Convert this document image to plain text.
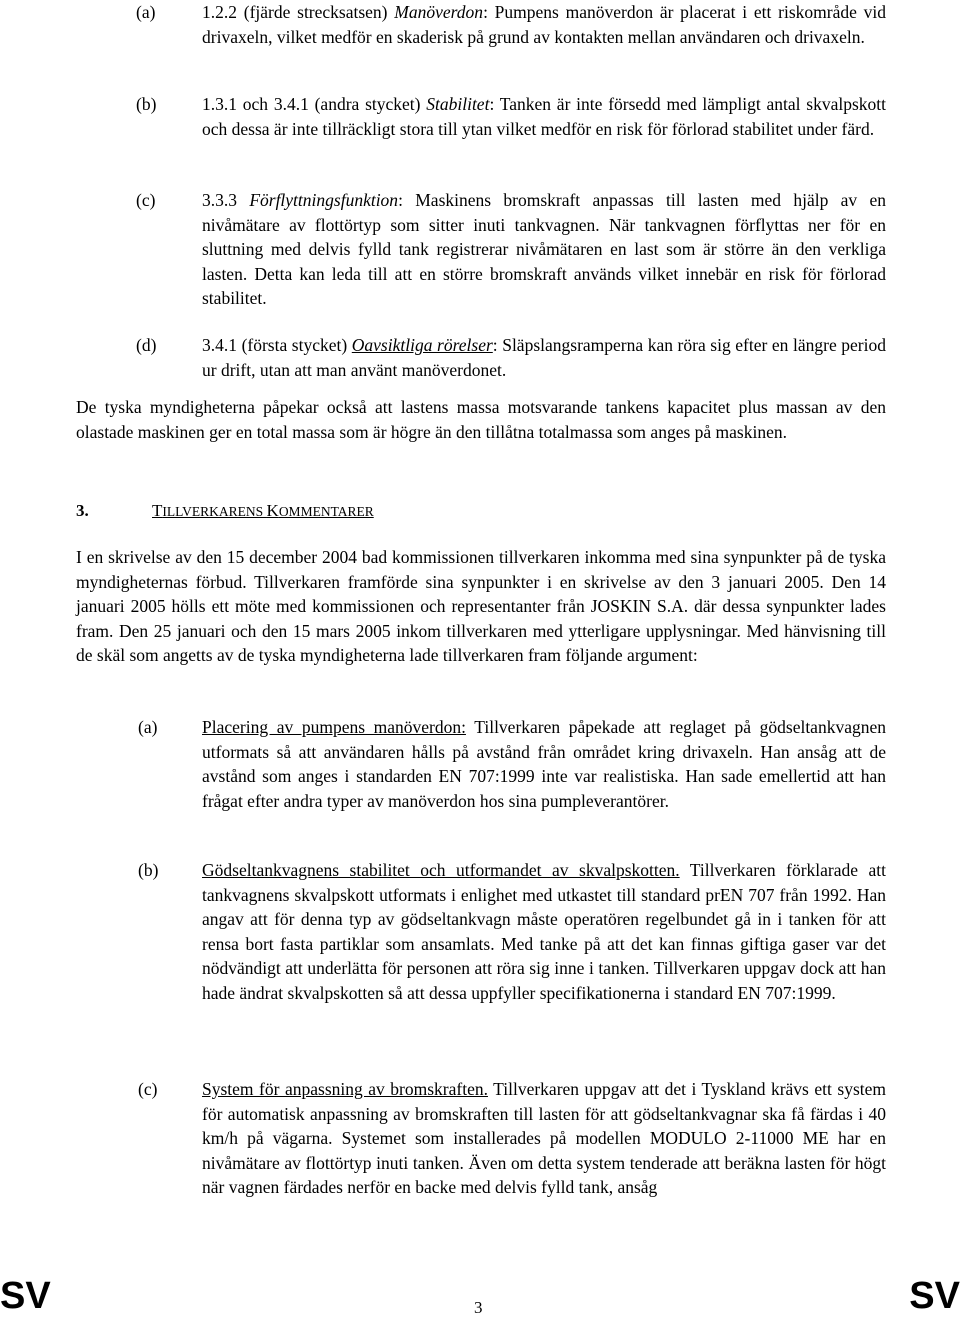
(a)	1.2.2 (fjärde strecksatsen) Manöverdon: Pumpens manöverdon är placerat i ett riskområde vid drivaxeln, vilket medför en skaderisk på grund av kontakten mellan användaren och drivaxeln.
(b)	1.3.1 och 3.4.1 (andra stycket) Stabilitet: Tanken är inte försedd med lämpligt antal skvalpskott och dessa är inte tillräckligt stora till ytan vilket medför en risk för förlorad stabilitet under färd.
(c)	3.3.3 Förflyttningsfunktion: Maskinens bromskraft anpassas till lasten med hjälp av en nivåmätare av flottörtyp som sitter inuti tankvagnen. När tankvagnen förflyttas ner för en sluttning med delvis fylld tank registrerar nivåmätaren en last som är större än den verkliga lasten. Detta kan leda till att en större bromskraft används vilket innebär en risk för förlorad stabilitet.
(d)	3.4.1 (första stycket) Oavsiktliga rörelser: Släpslangsramperna kan röra sig efter en längre period ur drift, utan att man använt manöverdonet.
De tyska myndigheterna påpekar också att lastens massa motsvarande tankens kapacitet plus massan av den olastade maskinen ger en total massa som är högre än den tillåtna totalmassa som anges på maskinen.
3.	TILLVERKARENS KOMMENTARER
I en skrivelse av den 15 december 2004 bad kommissionen tillverkaren inkomma med sina synpunkter på de tyska myndigheternas förbud. Tillverkaren framförde sina synpunkter i en skrivelse av den 3 januari 2005. Den 14 januari 2005 hölls ett möte med kommissionen och representanter från JOSKIN S.A. där dessa synpunkter lades fram. Den 25 januari och den 15 mars 2005 inkom tillverkaren med ytterligare upplysningar. Med hänvisning till de skäl som angetts av de tyska myndigheterna lade tillverkaren fram följande argument:
(a)	Placering av pumpens manöverdon: Tillverkaren påpekade att reglaget på gödseltankvagnen utformats så att användaren hålls på avstånd från området kring drivaxeln. Han ansåg att de avstånd som anges i standarden EN 707:1999 inte var realistiska. Han sade emellertid att han frågat efter andra typer av manöverdon hos sina pumpleverantörer.
(b) Gödseltankvagnens stabilitet och utformandet av skvalpskotten. Tillverkaren förklarade att tankvagnens skvalpskott utformats i enlighet med utkastet till standard prEN 707 från 1992. Han angav att för denna typ av gödseltankvagn måste operatören regelbundet gå in i tanken för att rensa bort fasta partiklar som ansamlats. Med tanke på att det kan finnas giftiga gaser var det nödvändigt att underlätta för personen att röra sig inne i tanken. Tillverkaren uppgav dock att han hade ändrat skvalpskotten så att dessa uppfyller specifikationerna i standard EN 707:1999.
(c)	System för anpassning av bromskraften. Tillverkaren uppgav att det i Tyskland krävs ett system för automatisk anpassning av bromskraften till lasten för att gödseltankvagnar ska få färdas i 40 km/h på vägarna. Systemet som installerades på modellen MODULO 2-11000 ME har en nivåmätare av flottörtyp inuti tanken. Även om detta system tenderade att beräkna lasten för högt när vagnen färdades nerför en backe med delvis fylld tank, ansåg
SV	3	SV
